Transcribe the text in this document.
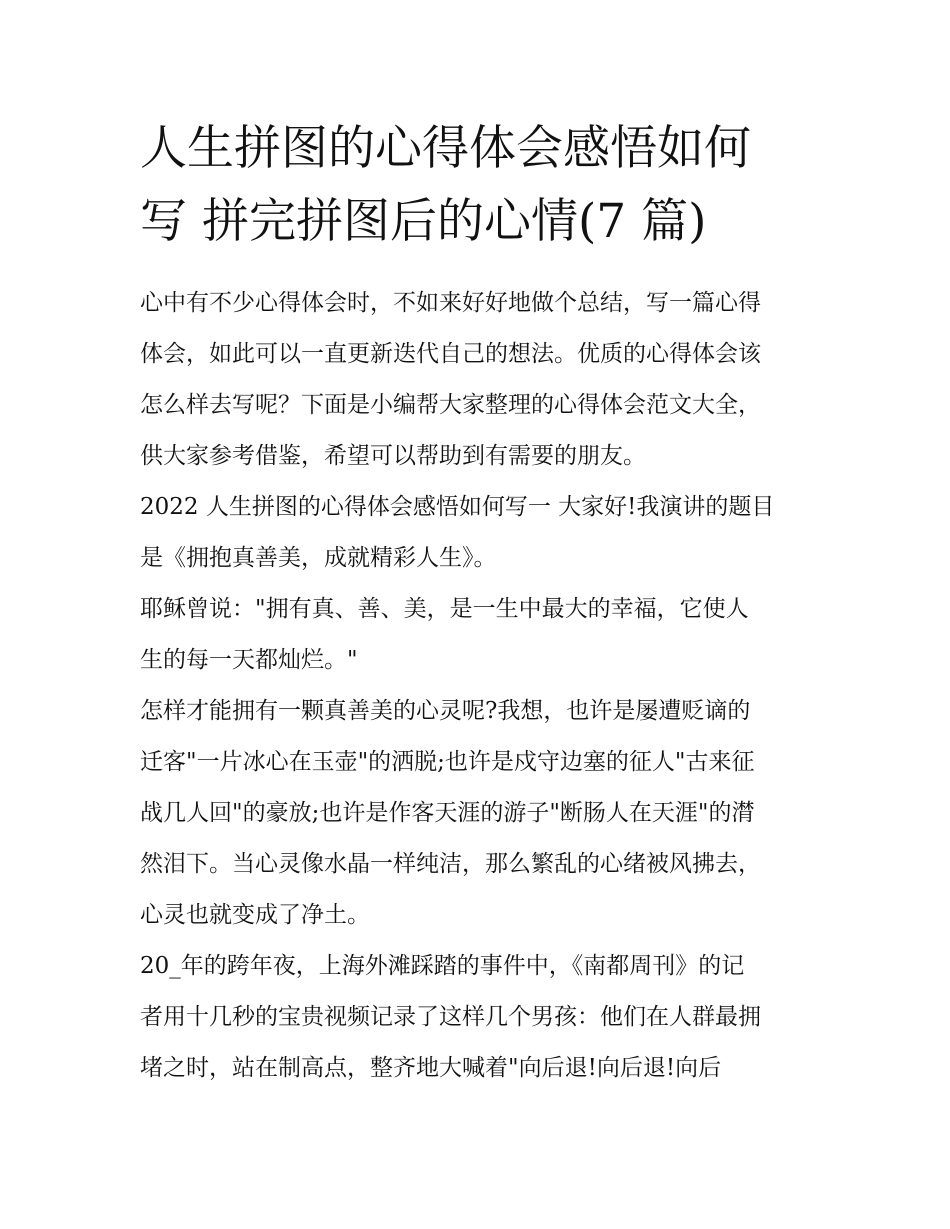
人生拼图的心得体会感悟如何
写 拼完拼图后的心情(7 篇)
心中有不少心得体会时，不如来好好地做个总结，写一篇心得
体会，如此可以一直更新迭代自己的想法。优质的心得体会该
怎么样去写呢？下面是小编帮大家整理的心得体会范文大全，
供大家参考借鉴，希望可以帮助到有需要的朋友。
2022 人生拼图的心得体会感悟如何写一 大家好!我演讲的题目
是《拥抱真善美，成就精彩人生》。
耶稣曾说："拥有真、善、美，是一生中最大的幸福，它使人
生的每一天都灿烂。"
怎样才能拥有一颗真善美的心灵呢?我想，也许是屡遭贬谪的
迁客"一片冰心在玉壶"的洒脱;也许是戍守边塞的征人"古来征
战几人回"的豪放;也许是作客天涯的游子"断肠人在天涯"的潸
然泪下。当心灵像水晶一样纯洁，那么繁乱的心绪被风拂去，
心灵也就变成了净土。
20_年的跨年夜，上海外滩踩踏的事件中，《南都周刊》的记
者用十几秒的宝贵视频记录了这样几个男孩：他们在人群最拥
堵之时，站在制高点，整齐地大喊着"向后退!向后退!向后
